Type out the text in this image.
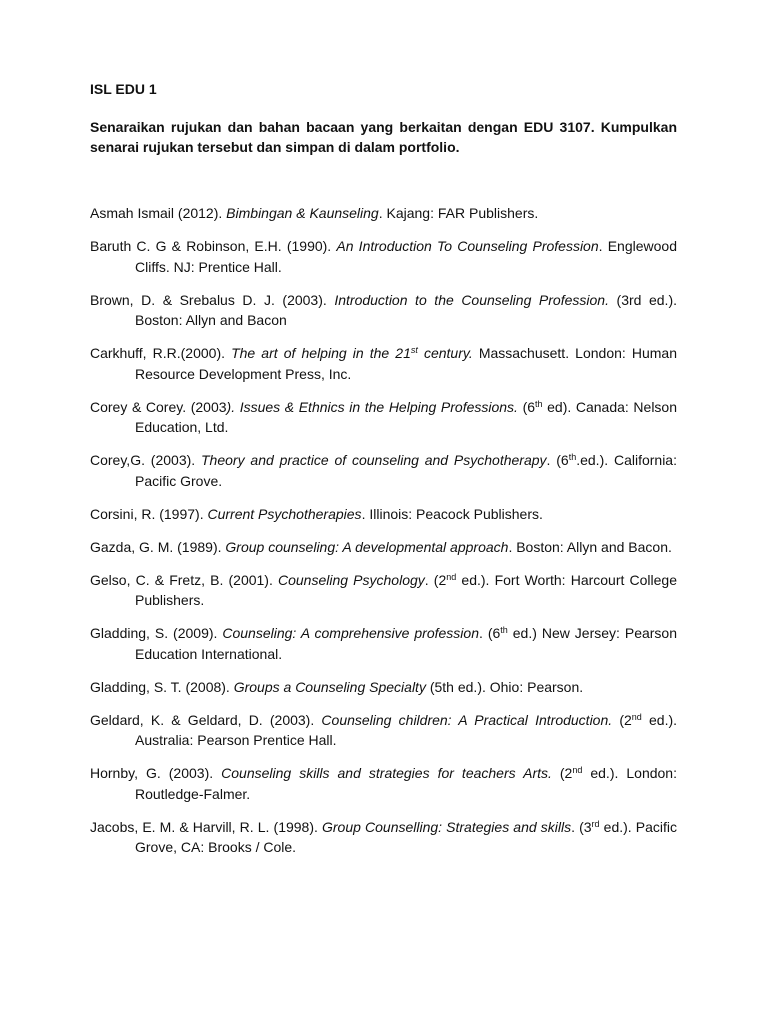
ISL EDU 1

Senaraikan rujukan dan bahan bacaan yang berkaitan dengan EDU 3107. Kumpulkan senarai rujukan tersebut dan simpan di dalam portfolio.

Asmah Ismail (2012). Bimbingan & Kaunseling. Kajang: FAR Publishers.

Baruth C. G & Robinson, E.H. (1990). An Introduction To Counseling Profession. Englewood Cliffs. NJ: Prentice Hall.

Brown, D. & Srebalus D. J. (2003). Introduction to the Counseling Profession. (3rd ed.). Boston: Allyn and Bacon

Carkhuff, R.R.(2000). The art of helping in the 21st century. Massachusett. London: Human Resource Development Press, Inc.

Corey & Corey. (2003). Issues & Ethnics in the Helping Professions. (6th ed). Canada: Nelson Education, Ltd.

Corey,G. (2003). Theory and practice of counseling and Psychotherapy. (6th.ed.). California: Pacific Grove.

Corsini, R. (1997). Current Psychotherapies. Illinois: Peacock Publishers.

Gazda, G. M. (1989). Group counseling: A developmental approach. Boston: Allyn and Bacon.

Gelso, C. & Fretz, B. (2001). Counseling Psychology. (2nd ed.). Fort Worth: Harcourt College Publishers.

Gladding, S. (2009). Counseling: A comprehensive profession. (6th ed.) New Jersey: Pearson Education International.

Gladding, S. T. (2008). Groups a Counseling Specialty (5th ed.). Ohio: Pearson.

Geldard, K. & Geldard, D. (2003). Counseling children: A Practical Introduction. (2nd ed.). Australia: Pearson Prentice Hall.

Hornby, G. (2003). Counseling skills and strategies for teachers Arts. (2nd ed.). London: Routledge-Falmer.

Jacobs, E. M. & Harvill, R. L. (1998). Group Counselling: Strategies and skills. (3rd ed.). Pacific Grove, CA: Brooks / Cole.
